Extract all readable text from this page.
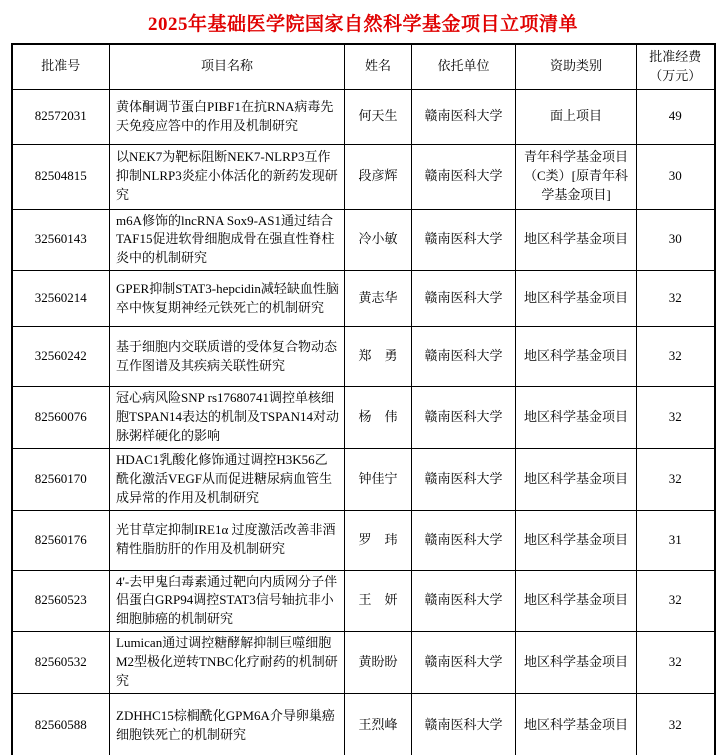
2025年基础医学院国家自然科学基金项目立项清单
批准号	项目名称	姓名	依托单位	资助类别	批准经费（万元）
82572031	黄体酮调节蛋白PIBF1在抗RNA病毒先天免疫应答中的作用及机制研究	何天生	赣南医科大学	面上项目	49
82504815	以NEK7为靶标阻断NEK7-NLRP3互作抑制NLRP3炎症小体活化的新药发现研究	段彦辉	赣南医科大学	青年科学基金项目（C类）[原青年科学基金项目]	30
32560143	m6A修饰的lncRNA Sox9-AS1通过结合TAF15促进软骨细胞成骨在强直性脊柱炎中的机制研究	冷小敏	赣南医科大学	地区科学基金项目	30
32560214	GPER抑制STAT3-hepcidin减轻缺血性脑卒中恢复期神经元铁死亡的机制研究	黄志华	赣南医科大学	地区科学基金项目	32
32560242	基于细胞内交联质谱的受体复合物动态互作图谱及其疾病关联性研究	郑　勇	赣南医科大学	地区科学基金项目	32
82560076	冠心病风险SNP rs17680741调控单核细胞TSPAN14表达的机制及TSPAN14对动脉粥样硬化的影响	杨　伟	赣南医科大学	地区科学基金项目	32
82560170	HDAC1乳酸化修饰通过调控H3K56乙酰化激活VEGF从而促进糖尿病血管生成异常的作用及机制研究	钟佳宁	赣南医科大学	地区科学基金项目	32
82560176	光甘草定抑制IRE1α 过度激活改善非酒精性脂肪肝的作用及机制研究	罗　玮	赣南医科大学	地区科学基金项目	31
82560523	4'-去甲鬼臼毒素通过靶向内质网分子伴侣蛋白GRP94调控STAT3信号轴抗非小细胞肺癌的机制研究	王　妍	赣南医科大学	地区科学基金项目	32
82560532	Lumican通过调控糖酵解抑制巨噬细胞M2型极化逆转TNBC化疗耐药的机制研究	黄盼盼	赣南医科大学	地区科学基金项目	32
82560588	ZDHHC15棕榈酰化GPM6A介导卵巢癌细胞铁死亡的机制研究	王烈峰	赣南医科大学	地区科学基金项目	32
